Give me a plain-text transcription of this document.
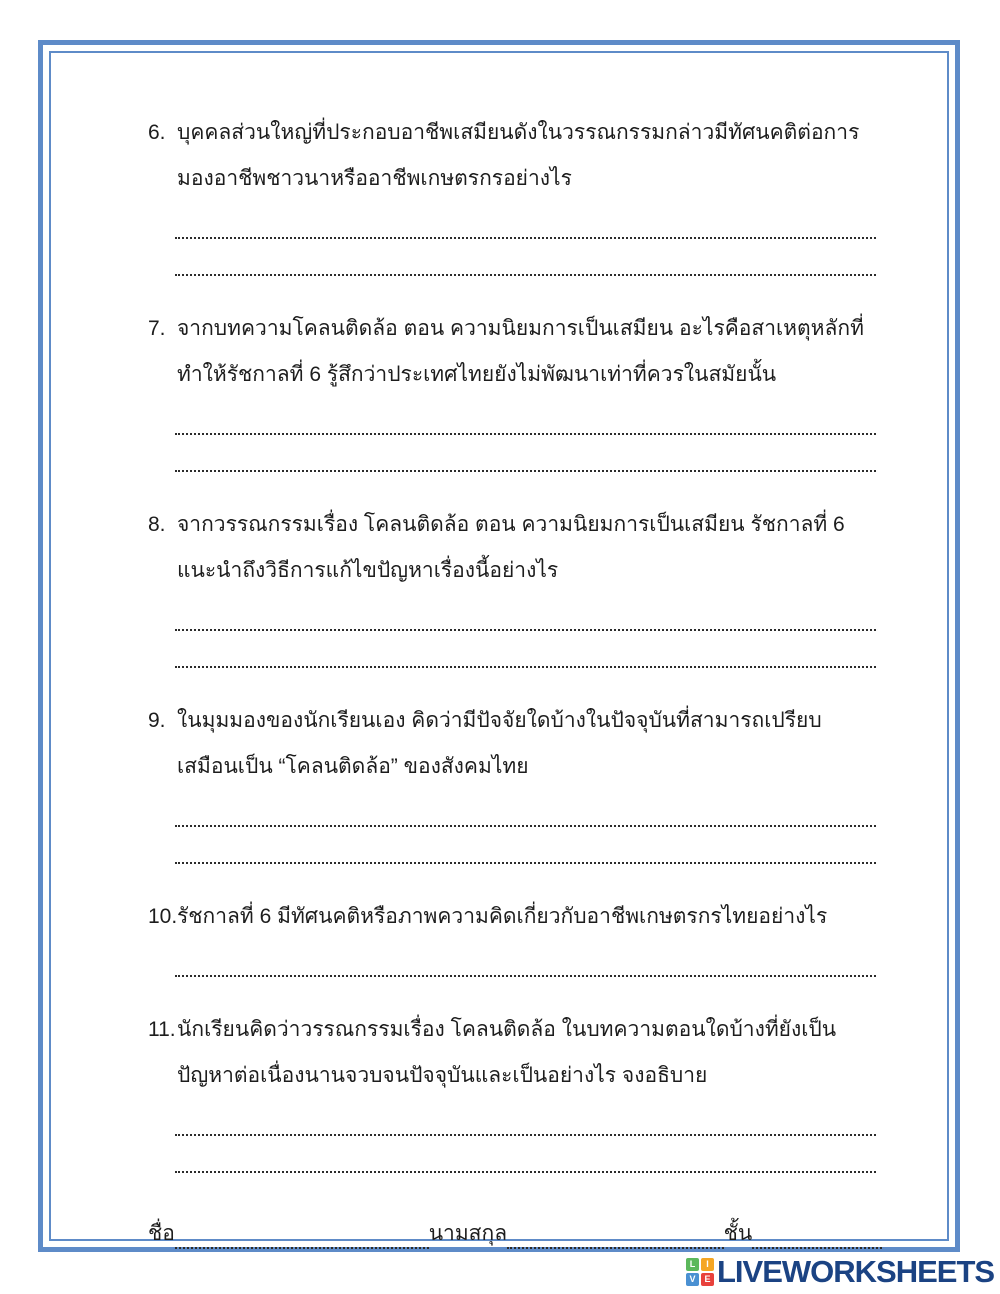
6. บุคคลส่วนใหญ่ที่ประกอบอาชีพเสมียนดังในวรรณกรรมกล่าวมีทัศนคติต่อการมองอาชีพชาวนาหรืออาชีพเกษตรกรอย่างไร
7. จากบทความโคลนติดล้อ ตอน ความนิยมการเป็นเสมียน อะไรคือสาเหตุหลักที่ทำให้รัชกาลที่ 6 รู้สึกว่าประเทศไทยยังไม่พัฒนาเท่าที่ควรในสมัยนั้น
8. จากวรรณกรรมเรื่อง โคลนติดล้อ ตอน ความนิยมการเป็นเสมียน รัชกาลที่ 6 แนะนำถึงวิธีการแก้ไขปัญหาเรื่องนี้อย่างไร
9. ในมุมมองของนักเรียนเอง คิดว่ามีปัจจัยใดบ้างในปัจจุบันที่สามารถเปรียบเสมือนเป็น “โคลนติดล้อ” ของสังคมไทย
10. รัชกาลที่ 6 มีทัศนคติหรือภาพความคิดเกี่ยวกับอาชีพเกษตรกรไทยอย่างไร
11. นักเรียนคิดว่าวรรณกรรมเรื่อง โคลนติดล้อ ในบทความตอนใดบ้างที่ยังเป็นปัญหาต่อเนื่องนานจวบจนปัจจุบันและเป็นอย่างไร จงอธิบาย
ชื่อ	นามสกุล	ชั้น
L	I
V E LIVEWORKSHEETS
